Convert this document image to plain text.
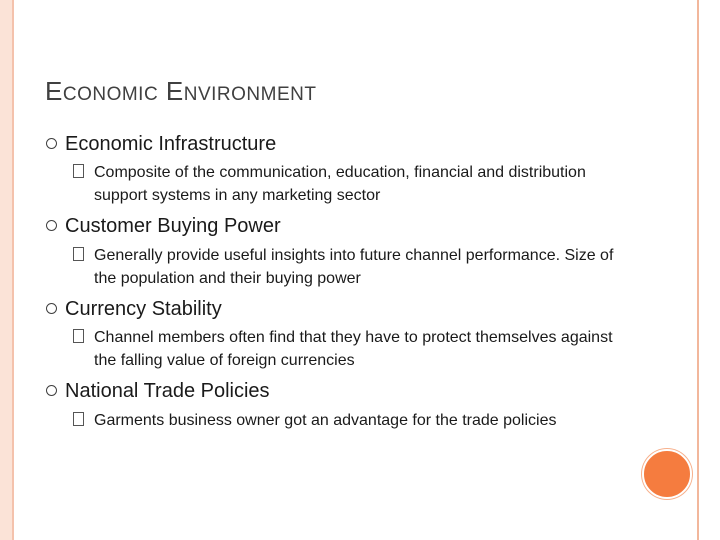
ECONOMIC ENVIRONMENT
Economic Infrastructure
Composite of the communication, education, financial and distribution support systems in any marketing sector
Customer Buying Power
Generally provide useful insights into future channel performance. Size of the population and their buying power
Currency Stability
Channel members often find that they have to protect themselves against the falling value of foreign currencies
National Trade Policies
Garments business owner got an advantage for the trade policies
